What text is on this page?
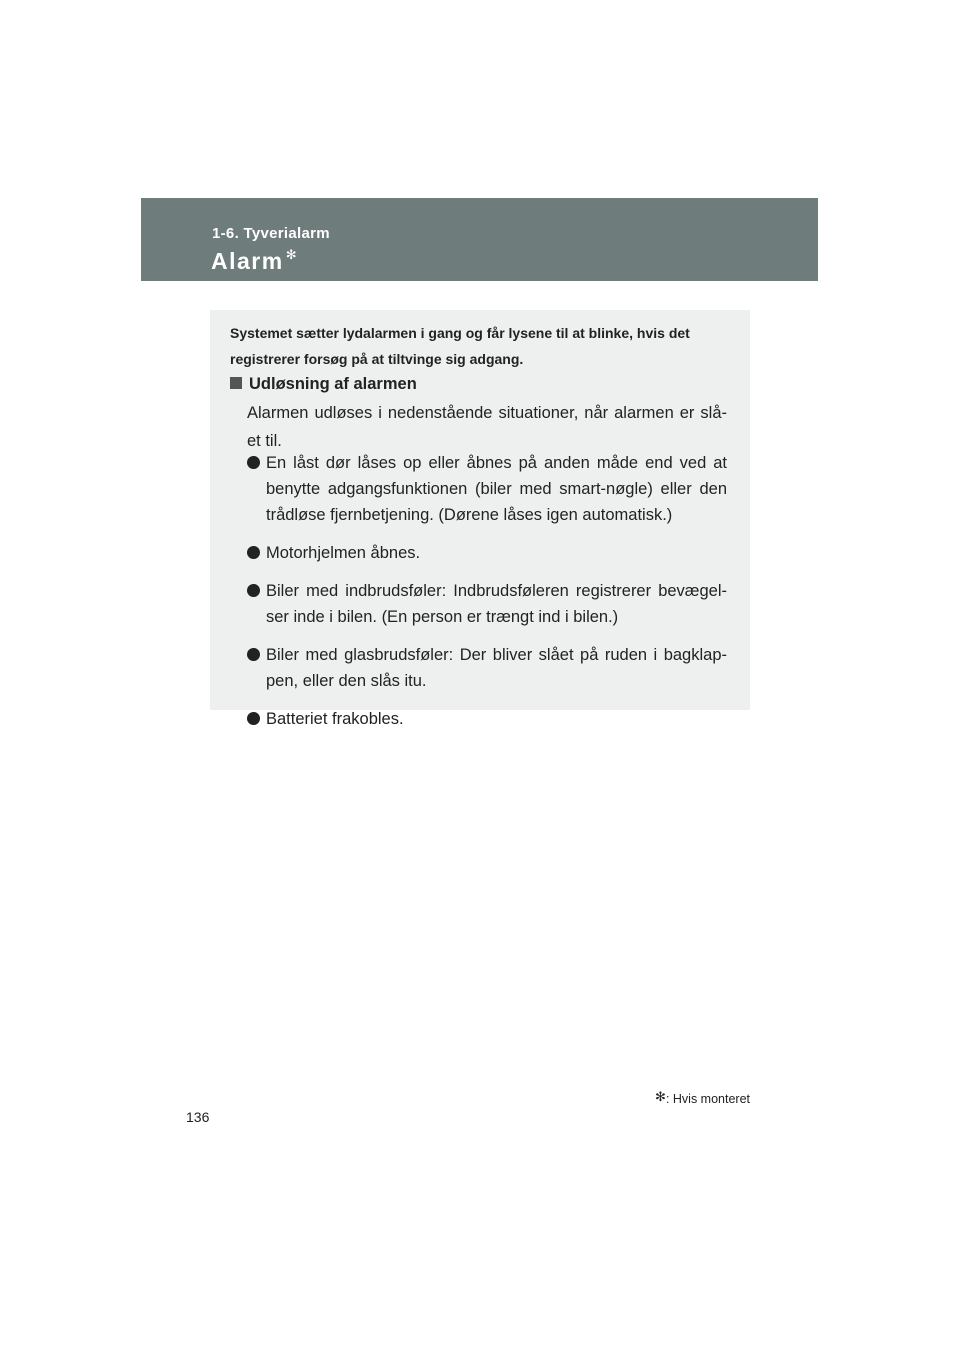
1-6. Tyverialarm
Alarm ✻
Systemet sætter lydalarmen i gang og får lysene til at blinke, hvis det registrerer forsøg på at tiltvinge sig adgang.
Udløsning af alarmen
Alarmen udløses i nedenstående situationer, når alarmen er slå-et til.
En låst dør låses op eller åbnes på anden måde end ved at benytte adgangsfunktionen (biler med smart-nøgle) eller den trådløse fjernbetjening. (Dørene låses igen automatisk.)
Motorhjelmen åbnes.
Biler med indbrudsføler: Indbrudsføleren registrerer bevægel-ser inde i bilen. (En person er trængt ind i bilen.)
Biler med glasbrudsføler: Der bliver slået på ruden i bagklap-pen, eller den slås itu.
Batteriet frakobles.
✻: Hvis monteret
136
